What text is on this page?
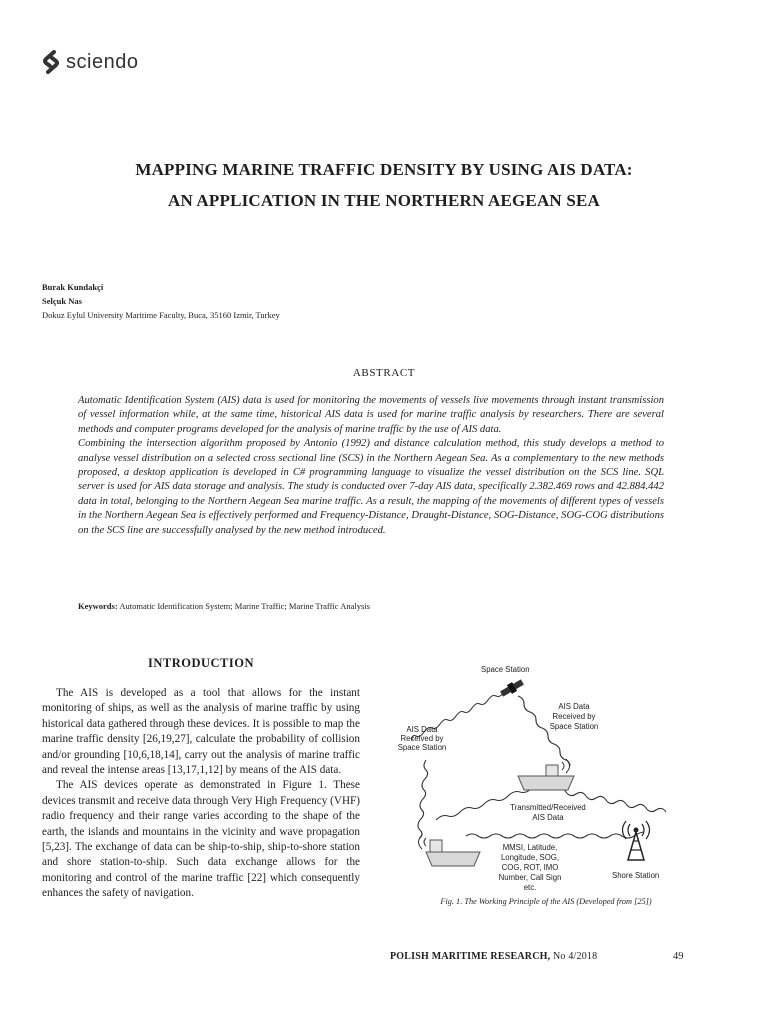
sciendo
MAPPING MARINE TRAFFIC DENSITY BY USING AIS DATA:
AN APPLICATION IN THE NORTHERN AEGEAN SEA
Burak Kundakçi
Selçuk Nas
Dokuz Eylul University Maritime Faculty, Buca, 35160 Izmir, Turkey
ABSTRACT

Automatic Identification System (AIS) data is used for monitoring the movements of vessels live movements through instant transmission of vessel information while, at the same time, historical AIS data is used for marine traffic analysis by researchers. There are several methods and computer programs developed for the analysis of marine traffic by the use of AIS data.

Combining the intersection algorithm proposed by Antonio (1992) and distance calculation method, this study develops a method to analyse vessel distribution on a selected cross sectional line (SCS) in the Northern Aegean Sea. As a complementary to the new methods proposed, a desktop application is developed in C# programming language to visualize the vessel distribution on the SCS line. SQL server is used for AIS data storage and analysis. The study is conducted over 7-day AIS data, specifically 2.382.469 rows and 42.884.442 data in total, belonging to the Northern Aegean Sea marine traffic. As a result, the mapping of the movements of different types of vessels in the Northern Aegean Sea is effectively performed and Frequency-Distance, Draught-Distance, SOG-Distance, SOG-COG distributions on the SCS line are successfully analysed by the new method introduced.

Keywords: Automatic Identification System; Marine Traffic; Marine Traffic Analysis
INTRODUCTION

The AIS is developed as a tool that allows for the instant monitoring of ships, as well as the analysis of marine traffic by using historical data gathered through these devices. It is possible to map the marine traffic density [26,19,27], calculate the probability of collision and/or grounding [10,6,18,14], carry out the analysis of marine traffic and reveal the intense areas [13,17,1,12] by means of the AIS data.

The AIS devices operate as demonstrated in Figure 1. These devices transmit and receive data through Very High Frequency (VHF) radio frequency and their range varies according to the shape of the earth, the islands and mountains in the vicinity and wave propagation [5,23]. The exchange of data can be ship-to-ship, ship-to-shore station and shore station-to-ship. Such data exchange allows for the monitoring and control of the marine traffic [22] which consequently enhances the safety of navigation.

Space Station
AIS Data
Received by
Space Station
AIS Data
Received by
Space Station
Transmitted/Received
AIS Data
MMSI, Latitude,
Longitude, SOG,
COG, ROT, IMO
Number, Call Sign
etc.
Shore Station
Fig. 1. The Working Principle of the AIS (Developed from [25])
POLISH MARITIME RESEARCH, No 4/2018	49
